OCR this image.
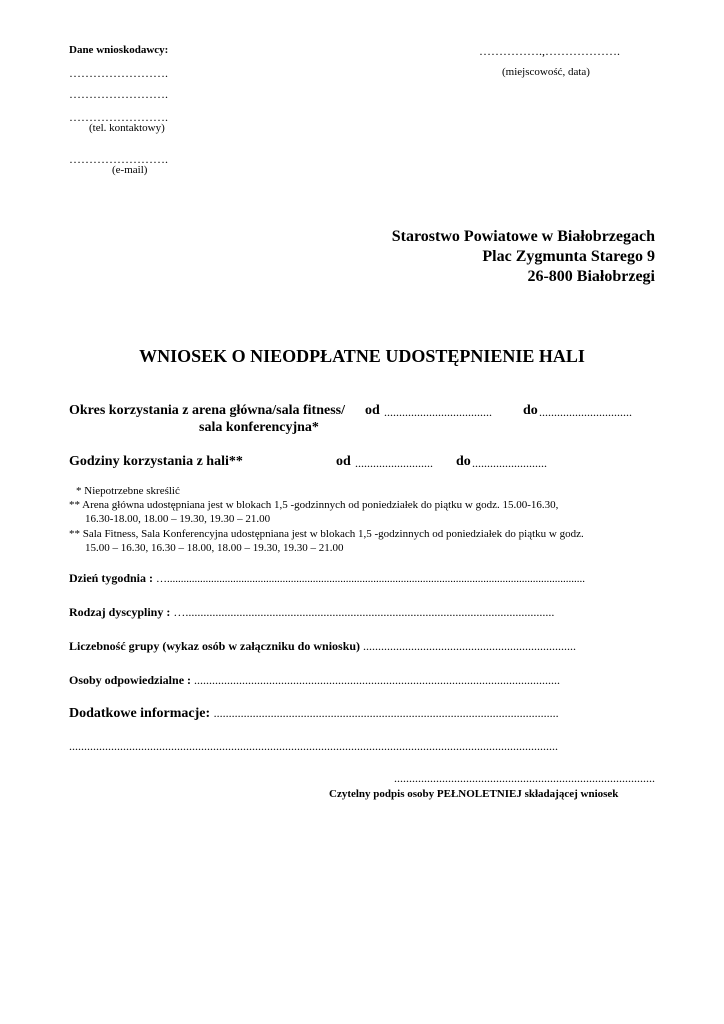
Dane wnioskodawcy:
…………………….
…………………….
…………………….
(tel. kontaktowy)
…………………….
(e-mail)
…………….,……………….
(miejscowość, data)
Starostwo Powiatowe w Białobrzegach
Plac Zygmunta Starego 9
26-800 Białobrzegi
WNIOSEK O NIEODPŁATNE UDOSTĘPNIENIE HALI
Okres korzystania z arena główna/sala fitness/ od .................................... do ...............................
sala konferencyjna*
Godziny korzystania z hali**	od .......................... do .........................
* Niepotrzebne skreślić
** Arena główna udostępniana jest w blokach 1,5 -godzinnych od poniedziałek do piątku w godz. 15.00-16.30,
16.30-18.00, 18.00 – 19.30, 19.30 – 21.00
** Sala Fitness, Sala Konferencyjna udostępniana jest w blokach 1,5 -godzinnych od poniedziałek do piątku w godz.
15.00 – 16.30, 16.30 – 18.00, 18.00 – 19.30, 19.30 – 21.00
Dzień tygodnia : …........................................................................................................................................................
Rodzaj dyscypliny : …...........................................................................................................................
Liczebność grupy (wykaz osób w załączniku do wniosku) .......................................................................
Osoby odpowiedzialne : ..........................................................................................................................
Dodatkowe informacje: ...................................................................................................................
...................................................................................................................................................................
.......................................................................................
Czytelny podpis osoby PEŁNOLETNIEJ składającej wniosek
